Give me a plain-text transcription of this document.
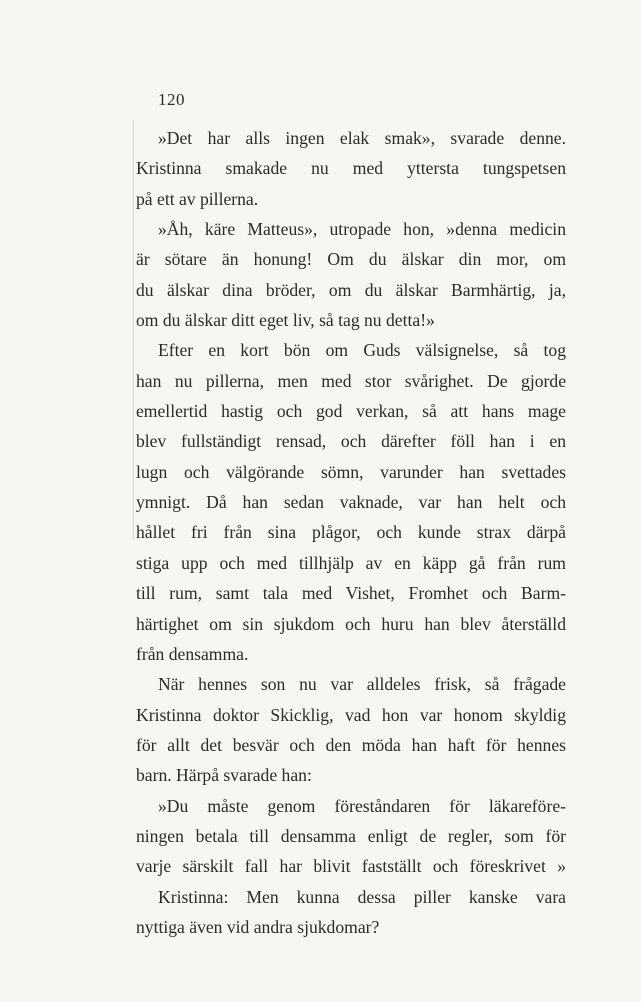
120
»Det har alls ingen elak smak», svarade denne.
Kristinna smakade nu med yttersta tungspetsen
på ett av pillerna.
»Åh, käre Matteus», utropade hon, »denna medicin
är sötare än honung! Om du älskar din mor, om
du älskar dina bröder, om du älskar Barmhärtig, ja,
om du älskar ditt eget liv, så tag nu detta!»
Efter en kort bön om Guds välsignelse, så tog
han nu pillerna, men med stor svårighet. De gjorde
emellertid hastig och god verkan, så att hans mage
blev fullständigt rensad, och därefter föll han i en
lugn och välgörande sömn, varunder han svettades
ymnigt. Då han sedan vaknade, var han helt och
hållet fri från sina plågor, och kunde strax därpå
stiga upp och med tillhjälp av en käpp gå från rum
till rum, samt tala med Vishet, Fromhet och Barm-
härtighet om sin sjukdom och huru han blev återställd
från densamma.
När hennes son nu var alldeles frisk, så frågade
Kristinna doktor Skicklig, vad hon var honom skyldig
för allt det besvär och den möda han haft för hennes
barn. Härpå svarade han:
»Du måste genom föreståndaren för läkareföre-
ningen betala till densamma enligt de regler, som för
varje särskilt fall har blivit fastställt och föreskrivet »
Kristinna: Men kunna dessa piller kanske vara
nyttiga även vid andra sjukdomar?
